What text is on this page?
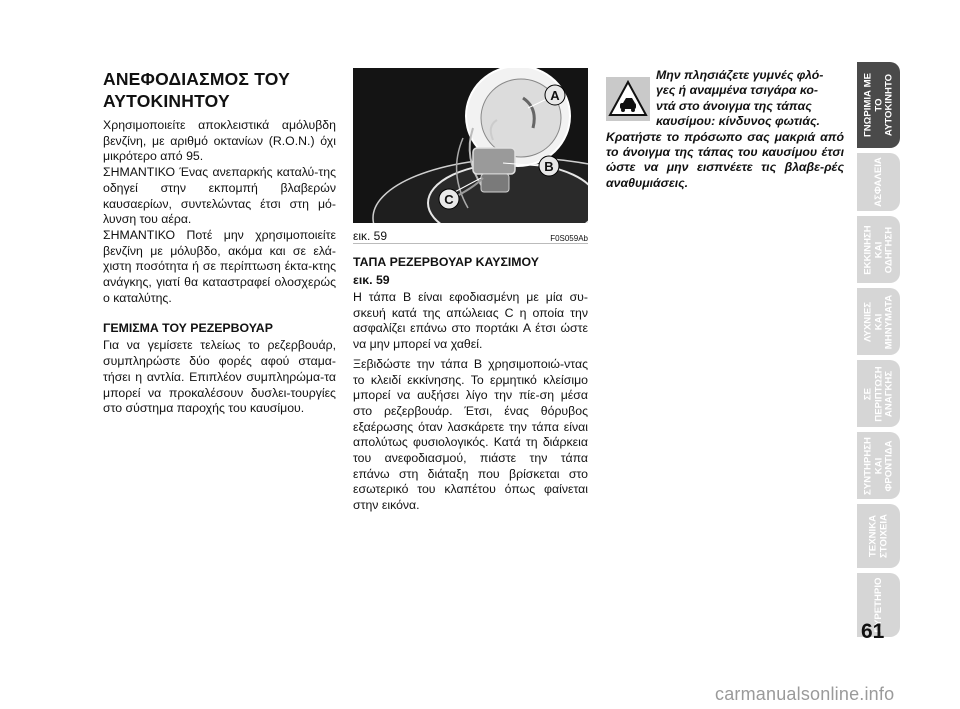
ΑΝΕΦΟΔΙΑΣΜΟΣ ΤΟΥ
ΑΥΤΟΚΙΝΗΤΟΥ

Χρησιμοποιείτε αποκλειστικά αμόλυβδη βενζίνη, με αριθμό οκτανίων (R.O.N.) όχι μικρότερο από 95.

ΣΗΜΑΝΤΙΚΟ Ένας ανεπαρκής καταλύ-της οδηγεί στην εκπομπή βλαβερών καυσαερίων, συντελώντας έτσι στη μό-λυνση του αέρα.

ΣΗΜΑΝΤΙΚΟ Ποτέ μην χρησιμοποιείτε βενζίνη με μόλυβδο, ακόμα και σε ελά-χιστη ποσότητα ή σε περίπτωση έκτα-κτης ανάγκης, γιατί θα καταστραφεί ολοσχερώς ο καταλύτης.

ΓΕΜΙΣΜΑ ΤΟΥ ΡΕΖΕΡΒΟΥΑΡ

Για να γεμίσετε τελείως το ρεζερβουάρ, συμπληρώστε δύο φορές αφού σταμα-τήσει η αντλία. Επιπλέον συμπληρώμα-τα μπορεί να προκαλέσουν δυσλει-τουργίες στο σύστημα παροχής του καυσίμου.

A
B
C
εικ. 59	F0S059Ab
ΤΑΠΑ ΡΕΖΕΡΒΟΥΑΡ ΚΑΥΣΙΜΟΥ
εικ. 59

Η τάπα B είναι εφοδιασμένη με μία συ-σκευή κατά της απώλειας C η οποία την ασφαλίζει επάνω στο πορτάκι A έτσι ώστε να μην μπορεί να χαθεί.

Ξεβιδώστε την τάπα B χρησιμοποιώ-ντας το κλειδί εκκίνησης. Το ερμητικό κλείσιμο μπορεί να αυξήσει λίγο την πίε-ση μέσα στο ρεζερβουάρ. Έτσι, ένας θόρυβος εξαέρωσης όταν λασκάρετε την τάπα είναι απολύτως φυσιολογικός. Κατά τη διάρκεια του ανεφοδιασμού, πιάστε την τάπα επάνω στη διάταξη που βρίσκεται στο εσωτερικό του κλαπέτου όπως φαίνεται στην εικόνα.

Μην πλησιάζετε γυμνές φλό-
γες ή αναμμένα τσιγάρα κο-
ντά στο άνοιγμα της τάπας
καυσίμου: κίνδυνος φωτιάς.
Κρατήστε το πρόσωπο σας μακριά από το άνοιγμα της τάπας του καυσίμου έτσι ώστε να μην εισπνέετε τις βλαβε-ρές αναθυμιάσεις.
ΓΝΩΡΙΜΙΑ ΜΕ
ΤΟ
ΑΥΤΟΚΙΝΗΤΟ
ΑΣΦΑΛΕΙΑ
ΕΚΚΙΝΗΣΗ
ΚΑΙ
ΟΔΗΓΗΣΗ
ΛΥΧΝΙΕΣ
ΚΑΙ
ΜΗΝΥΜΑΤΑ
ΣΕ
ΠΕΡΙΠΤΩΣΗ
ΑΝΑΓΚΗΣ
ΣΥΝΤΗΡΗΣΗ
ΚΑΙ
ΦΡΟΝΤΙΔΑ
ΤΕΧΝΙΚΑ
ΣΤΟΙΧΕΙΑ
ΕΥΡΕΤΗΡΙΟ
61
carmanualsonline.info
